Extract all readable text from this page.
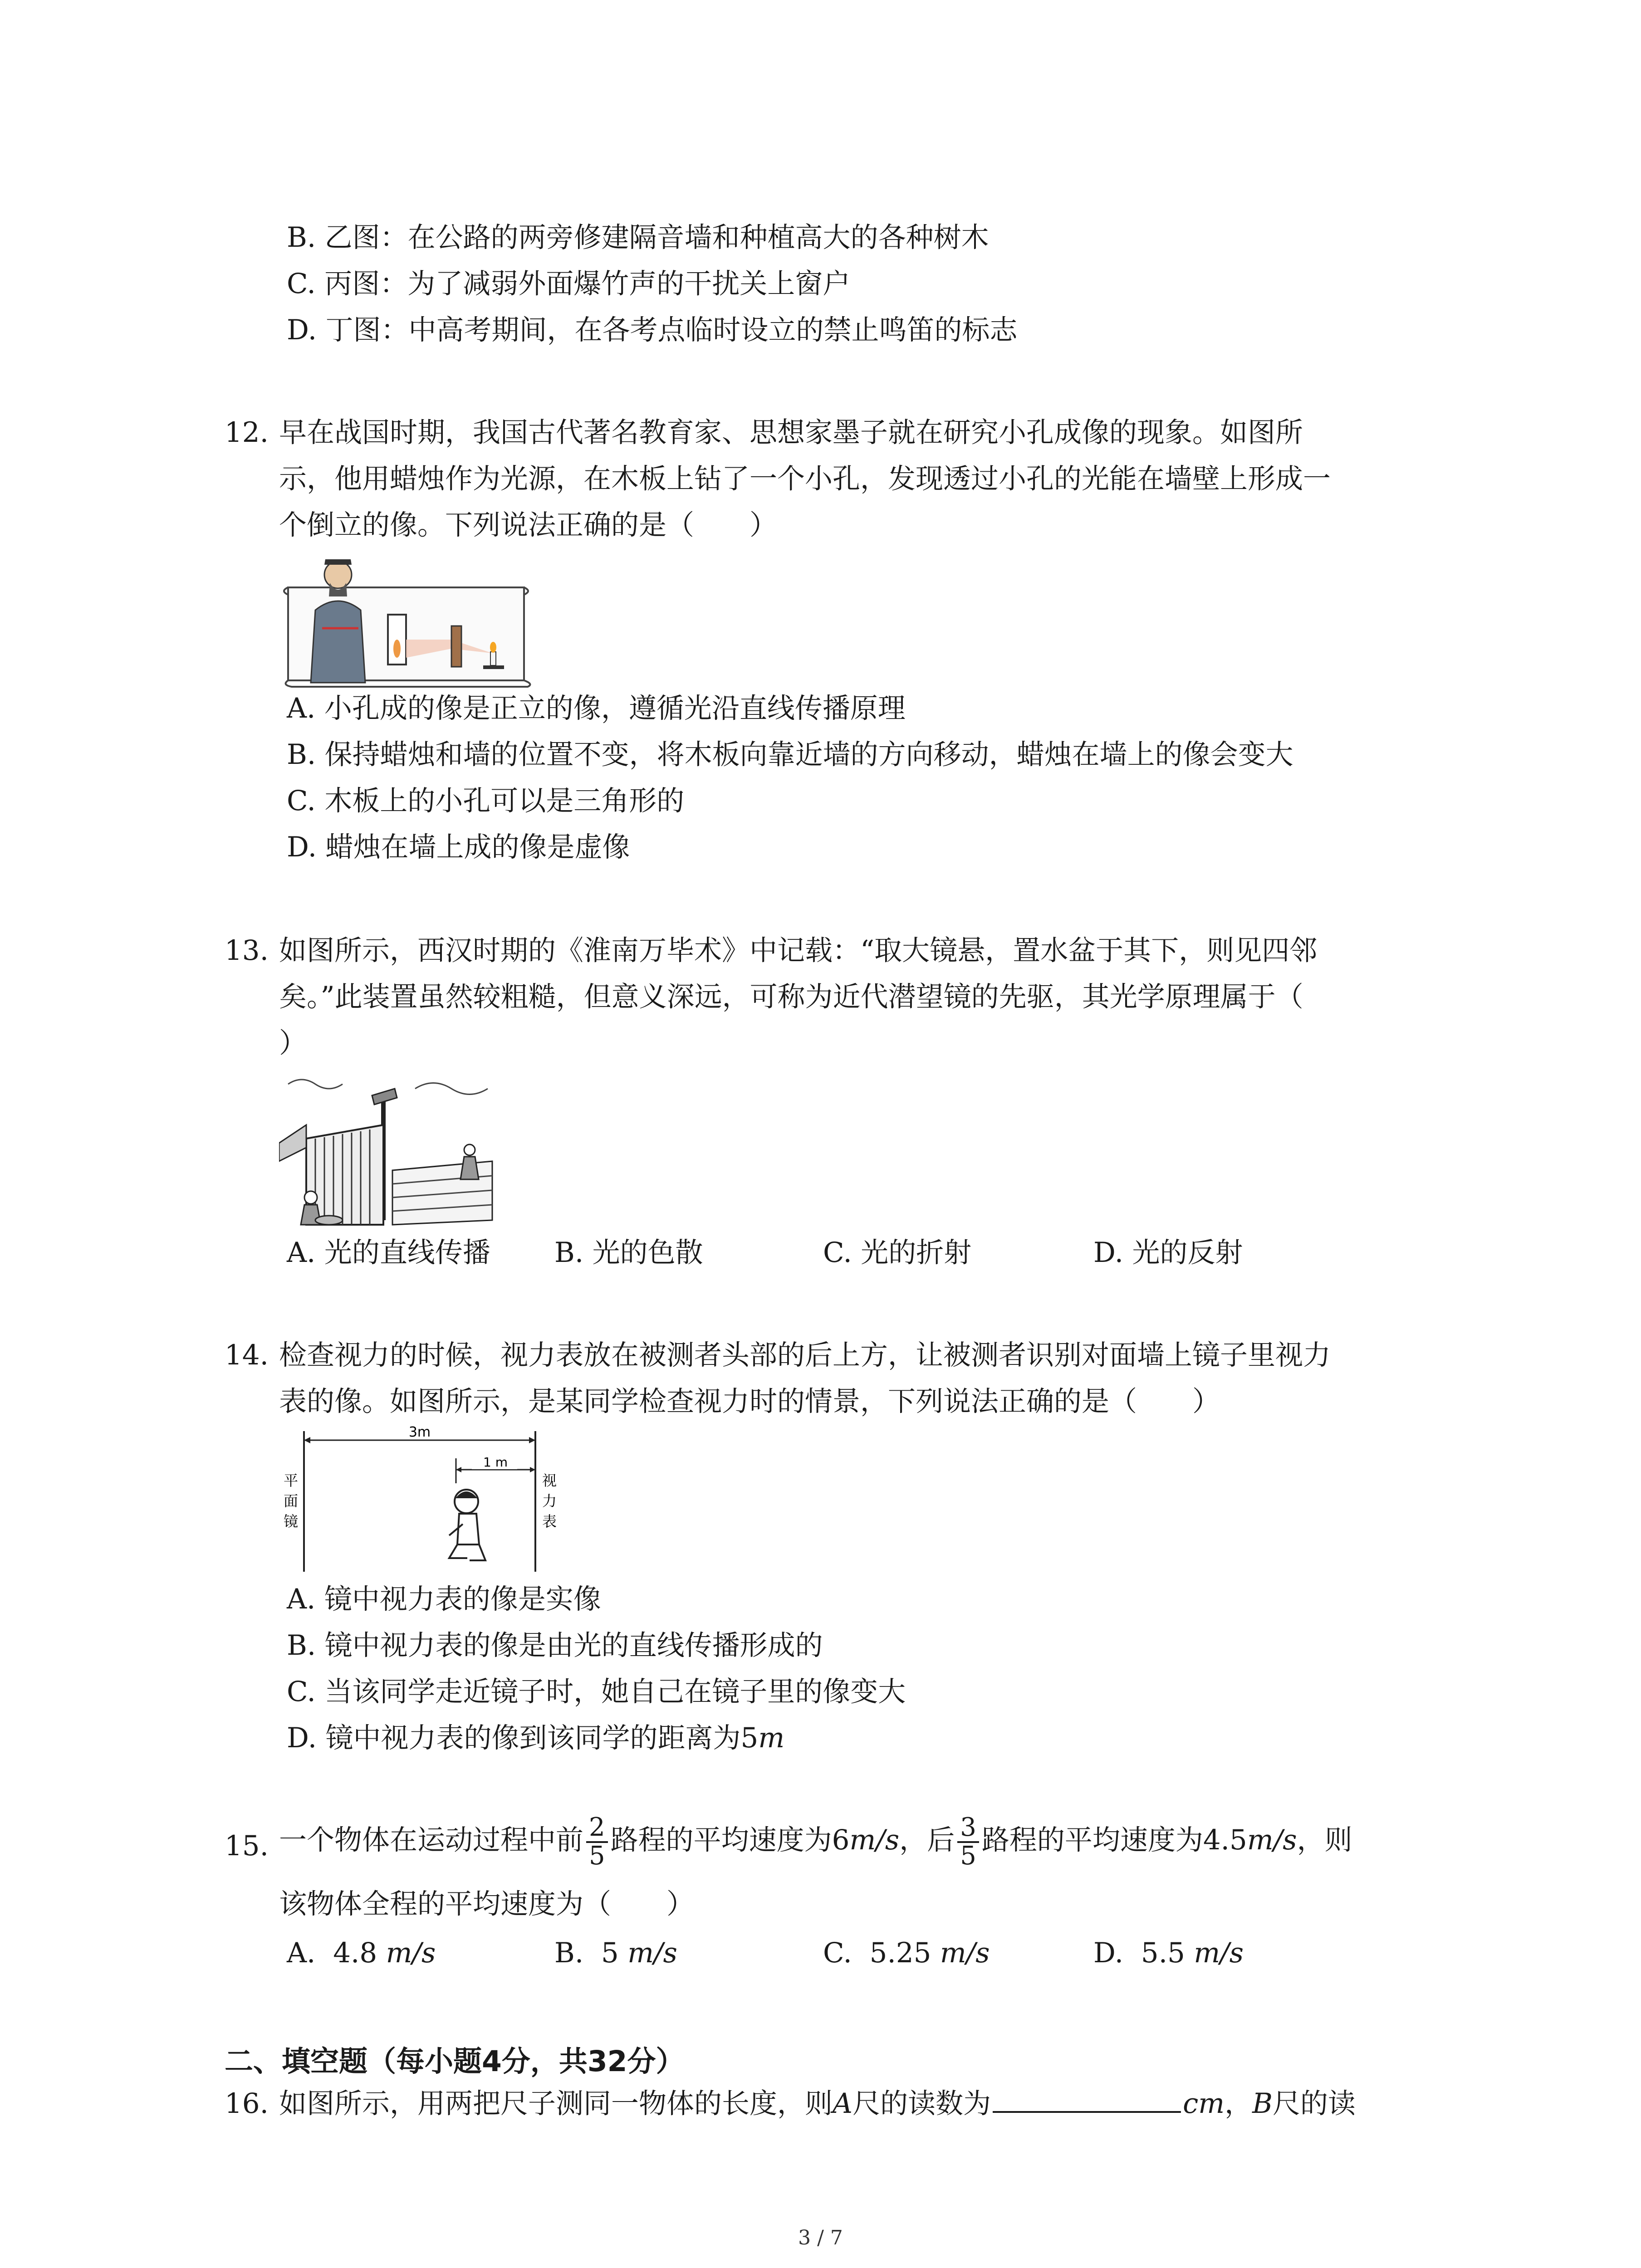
B. 乙图：在公路的两旁修建隔音墙和种植高大的各种树木
C. 丙图：为了减弱外面爆竹声的干扰关上窗户
D. 丁图：中高考期间，在各考点临时设立的禁止鸣笛的标志
12. 早在战国时期，我国古代著名教育家、思想家墨子就在研究小孔成像的现象。如图所
示，他用蜡烛作为光源，在木板上钻了一个小孔，发现透过小孔的光能在墙壁上形成一
个倒立的像。下列说法正确的是（　　）
A. 小孔成的像是正立的像，遵循光沿直线传播原理
B. 保持蜡烛和墙的位置不变，将木板向靠近墙的方向移动，蜡烛在墙上的像会变大
C. 木板上的小孔可以是三角形的
D. 蜡烛在墙上成的像是虚像
13. 如图所示，西汉时期的《淮南万毕术》中记载：“取大镜悬，置水盆于其下，则见四邻
矣。”此装置虽然较粗糙，但意义深远，可称为近代潜望镜的先驱，其光学原理属于（
）
A. 光的直线传播 B. 光的色散	C. 光的折射	D. 光的反射
14. 检查视力的时候，视力表放在被测者头部的后上方，让被测者识别对面墙上镜子里视力
表的像。如图所示，是某同学检查视力时的情景，下列说法正确的是（　　）
3m
1 m
平
面
镜
视
力
表
A. 镜中视力表的像是实像
B. 镜中视力表的像是由光的直线传播形成的
C. 当该同学走近镜子时，她自己在镜子里的像变大
D. 镜中视力表的像到该同学的距离为5m
15. 一个物体在运动过程中前 $\frac{2}{5}$ 路程的平均速度为6m/s，后 $\frac{3}{5}$ 路程的平均速度为4.5m/s，则
该物体全程的平均速度为（　　）
A. 4.8 m/s	B. 5 m/s	C. 5.25 m/s	D. 5.5 m/s
二、填空题（每小题4分，共32分）
16. 如图所示，用两把尺子测同一物体的长度，则A尺的读数为	cm，B尺的读
3 / 7
